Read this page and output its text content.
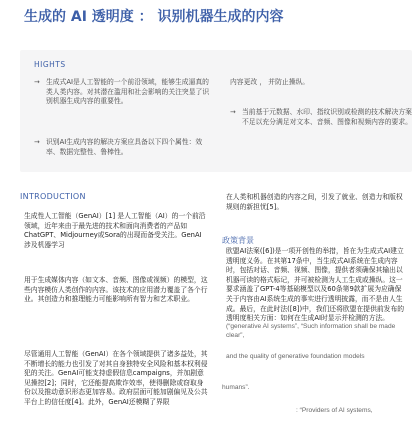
生成的 AI 透明度 ： 识别机器生成的内容
HIGHTS
→ 生成式AI是人工智能的一个前沿领域，能够生成逼真的类人类内容。对其潜在滥用和社会影响的关注突显了识别机器生成内容的重要性。
→ 识别AI生成内容的解决方案应具备以下四个属性：效率、数据完整性、鲁棒性。
内容更改 ， 并防止操纵。
→ 当前基于元数据、水印、指纹识别或检测的技术解决方案不足以充分满足对文本、音频、图像和视频内容的要求。
INTRODUCTION
生成性人工智能（GenAI）[1] 是人工智能（AI）的一个前沿领域，近年来由于最先进的技术和面向消费者的产品如ChatGPT、Midjourney或Sora的出现而备受关注。GenAI 涉及机器学习
用于生成媒体内容（如文本、音频、图像或视频）的模型，这些内容模仿人类创作的内容。该技术的应用潜力覆盖了各个行业。其创造力和推理能力可能影响所有智力和艺术职业。
尽管通用人工智能（GenAI）在各个领域提供了诸多益处，其不断增长的能力也引发了对其自身独特安全风险和基本权利侵犯的关注。GenAI可能支持虚假信息campaigns，并加剧意见操控[2]；同时，它还能提高欺诈效率，使得删除或窃取身份以及推动意识形态更加容易。政府层面可能加剧偏见及公共平台上的信任度[4]。此外，GenAI还模糊了界限
在人类和机器创造的内容之间，引发了就业、创造力和版权规则的新担忧[5]。
政策背景
欧盟AI法案([6])是一项开创性的举措，旨在为生成式AI建立透明度义务。在其第17条中，当生成式AI系统在生成内容时，包括对话、音频、视频、图像，提供者须确保其输出以机器可读的格式标记，并可被检测为人工生成或操纵。这一要求涵盖了GPT-4等基础模型以及60条第9款扩展为应确保关于内容由AI系统生成的事实进行透明披露，而不是由人生成。最后，在此时法([8])中，我们还将欧盟在提供前发布的透明度相关方面：如何在生成AI时显示并检测的方法。
(“generative AI systems”, “Such information shall be made clear”,
and the quality of generative foundation models
humans”.
: “Providers of AI systems,
